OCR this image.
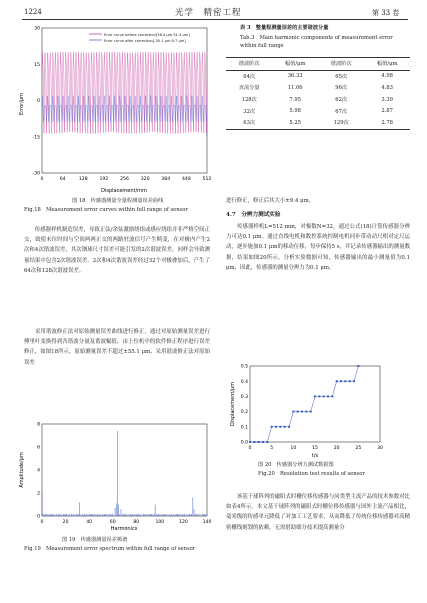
1224	光学　精密工程	第 33 卷
Error curve before correction[36.4 μm,51.4 μm]
Error curve after correction[-30.1 μm,9.7 μm]
30
15
0
-15
-30
0	64	128	192	256	320	384	448	512
Error/μm
Displacement/mm
图 18　传感器测量全量程测量误差曲线
Fig.18　Measurement error curves within full range of sensor
　　传感器样机制造误差，导致正弦/余弦激励绕组或感应绕组并非严格空间正交，致使末位时间与空间两两正交的两路驻波信号产生畸变，在对极内产生2次和4次谐波误差，其次钢球尺寸误差可能引发的2次谐波误差，同样会导致测量结果中包含2次谐波误差。2次和4次谐波误差经过32个对极叠加后，产生了64次和128次谐波误差。
　　采用谐波修正法对原始测量误差曲线进行修正，通过对原始测量误差进行傅里叶变换得到各谐波分量及谐波幅值，由上位机中的软件修正程序进行误差修正，如图18所示，原始测量误差不超过±55.1 μm，采用谐波修正法对原始误差
8
6
4
2
0
0	20	40	60	80	100	120	140
Amplitude/μm
Harmonics
图 19　传感器测量误差频谱
Fig.19　Measurement error spectrum within full range of sensor
表 3　整量程测量误差的主要谐波分量
Tab.3　Main harmonic components of measurement error within full range
谐波阶次	幅值/μm	谐波阶次	幅值/μm
64次	36.33	65次	4.98
直流分量	11.06	96次	4.83
128次	7.95	62次	3.39
32次	5.98	67次	2.87
63次	5.25	129次	2.78
进行修正，修正后其大小±9.4 μm。
4.7　分辨力测试实验
　　传感器样机L=512 mm，对极数N=32，通过公式(18)计算传感器分辨力可达0.1 μm。通过直线电机和数控系统控制电机同步带动动尺相对定尺运动，逐步施加0.1 μm的移动位移，每步保持5 s，并记录传感器输出的测量数据，结果如图20所示，分析实验数据可知，传感器输出的最小测量值为0.1 μm，因此，传感器的测量分辨力为0.1 μm。
0.5
0.4
0.3
0.2
0.1
0.0
0	5	10	15	20	25	30
Displacement/μm
t/s
图 20　传感器分辨力测试数据图
Fig.20　Resolution test results of sensor
　　该基于球阵列的磁阻式时栅位移传感器与同类型主流产品的技术参数对比如表4所示。本文基于球阵列的磁阻式时栅位移传感器与国外主流产品相比，毫米级的传感单元降低了对加工工艺要求，从而降低了传统位移传感器对高精密栅线刻划的依赖，无需借助细分技术提高测量分
